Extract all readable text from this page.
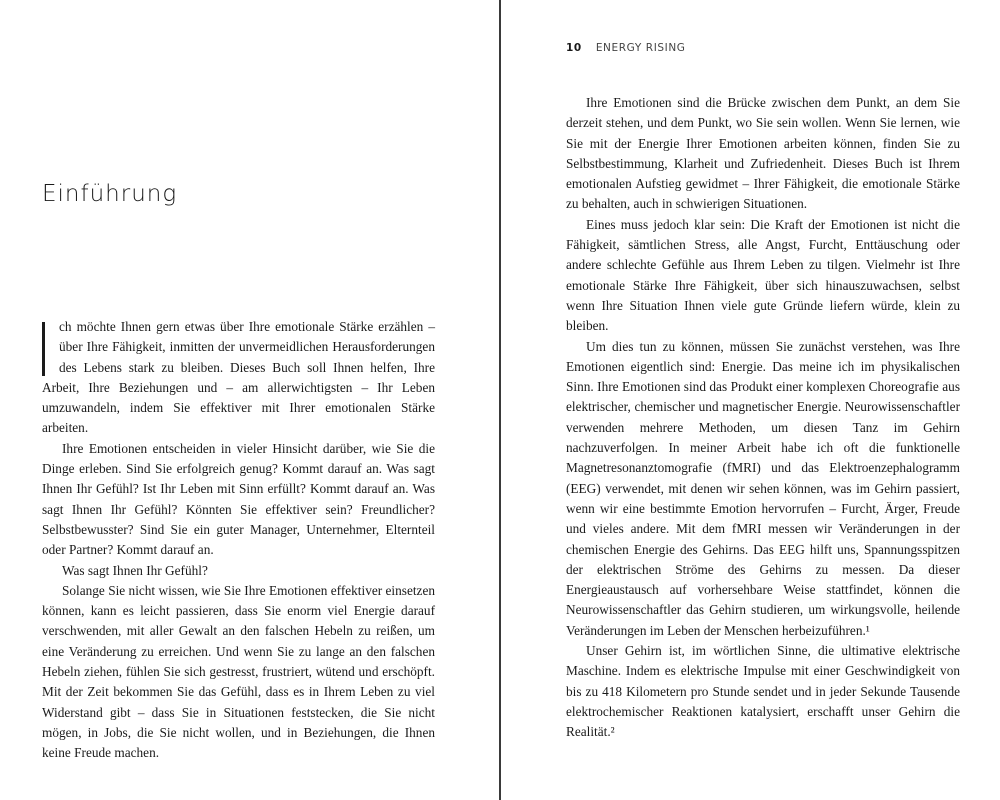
Einführung

ch möchte Ihnen gern etwas über Ihre emotionale Stärke erzählen – über Ihre Fähigkeit, inmitten der unvermeidlichen Herausforderungen des Lebens stark zu bleiben. Dieses Buch soll Ihnen helfen, Ihre Arbeit, Ihre Beziehungen und – am allerwichtigsten – Ihr Leben umzuwandeln, indem Sie effektiver mit Ihrer emotionalen Stärke arbeiten.

Ihre Emotionen entscheiden in vieler Hinsicht darüber, wie Sie die Dinge erleben. Sind Sie erfolgreich genug? Kommt darauf an. Was sagt Ihnen Ihr Gefühl? Ist Ihr Leben mit Sinn erfüllt? Kommt darauf an. Was sagt Ihnen Ihr Gefühl? Könnten Sie effektiver sein? Freundlicher? Selbstbewusster? Sind Sie ein guter Manager, Unternehmer, Elternteil oder Partner? Kommt darauf an.

Was sagt Ihnen Ihr Gefühl?

Solange Sie nicht wissen, wie Sie Ihre Emotionen effektiver einsetzen können, kann es leicht passieren, dass Sie enorm viel Energie darauf verschwenden, mit aller Gewalt an den falschen Hebeln zu reißen, um eine Veränderung zu erreichen. Und wenn Sie zu lange an den falschen Hebeln ziehen, fühlen Sie sich gestresst, frustriert, wütend und erschöpft. Mit der Zeit bekommen Sie das Gefühl, dass es in Ihrem Leben zu viel Widerstand gibt – dass Sie in Situationen feststecken, die Sie nicht mögen, in Jobs, die Sie nicht wollen, und in Beziehungen, die Ihnen keine Freude machen.

10 ENERGY RISING

Ihre Emotionen sind die Brücke zwischen dem Punkt, an dem Sie derzeit stehen, und dem Punkt, wo Sie sein wollen. Wenn Sie lernen, wie Sie mit der Energie Ihrer Emotionen arbeiten können, finden Sie zu Selbstbestimmung, Klarheit und Zufriedenheit. Dieses Buch ist Ihrem emotionalen Aufstieg gewidmet – Ihrer Fähigkeit, die emotionale Stärke zu behalten, auch in schwierigen Situationen.

Eines muss jedoch klar sein: Die Kraft der Emotionen ist nicht die Fähigkeit, sämtlichen Stress, alle Angst, Furcht, Enttäuschung oder andere schlechte Gefühle aus Ihrem Leben zu tilgen. Vielmehr ist Ihre emotionale Stärke Ihre Fähigkeit, über sich hinauszuwachsen, selbst wenn Ihre Situation Ihnen viele gute Gründe liefern würde, klein zu bleiben.

Um dies tun zu können, müssen Sie zunächst verstehen, was Ihre Emotionen eigentlich sind: Energie. Das meine ich im physikalischen Sinn. Ihre Emotionen sind das Produkt einer komplexen Choreografie aus elektrischer, chemischer und magnetischer Energie. Neurowissenschaftler verwenden mehrere Methoden, um diesen Tanz im Gehirn nachzuverfolgen. In meiner Arbeit habe ich oft die funktionelle Magnetresonanztomografie (fMRI) und das Elektroenzephalogramm (EEG) verwendet, mit denen wir sehen können, was im Gehirn passiert, wenn wir eine bestimmte Emotion hervorrufen – Furcht, Ärger, Freude und vieles andere. Mit dem fMRI messen wir Veränderungen in der chemischen Energie des Gehirns. Das EEG hilft uns, Spannungsspitzen der elektrischen Ströme des Gehirns zu messen. Da dieser Energieaustausch auf vorhersehbare Weise stattfindet, können die Neurowissenschaftler das Gehirn studieren, um wirkungsvolle, heilende Veränderungen im Leben der Menschen herbeizuführen.¹

Unser Gehirn ist, im wörtlichen Sinne, die ultimative elektrische Maschine. Indem es elektrische Impulse mit einer Geschwindigkeit von bis zu 418 Kilometern pro Stunde sendet und in jeder Sekunde Tausende elektrochemischer Reaktionen katalysiert, erschafft unser Gehirn die Realität.²
